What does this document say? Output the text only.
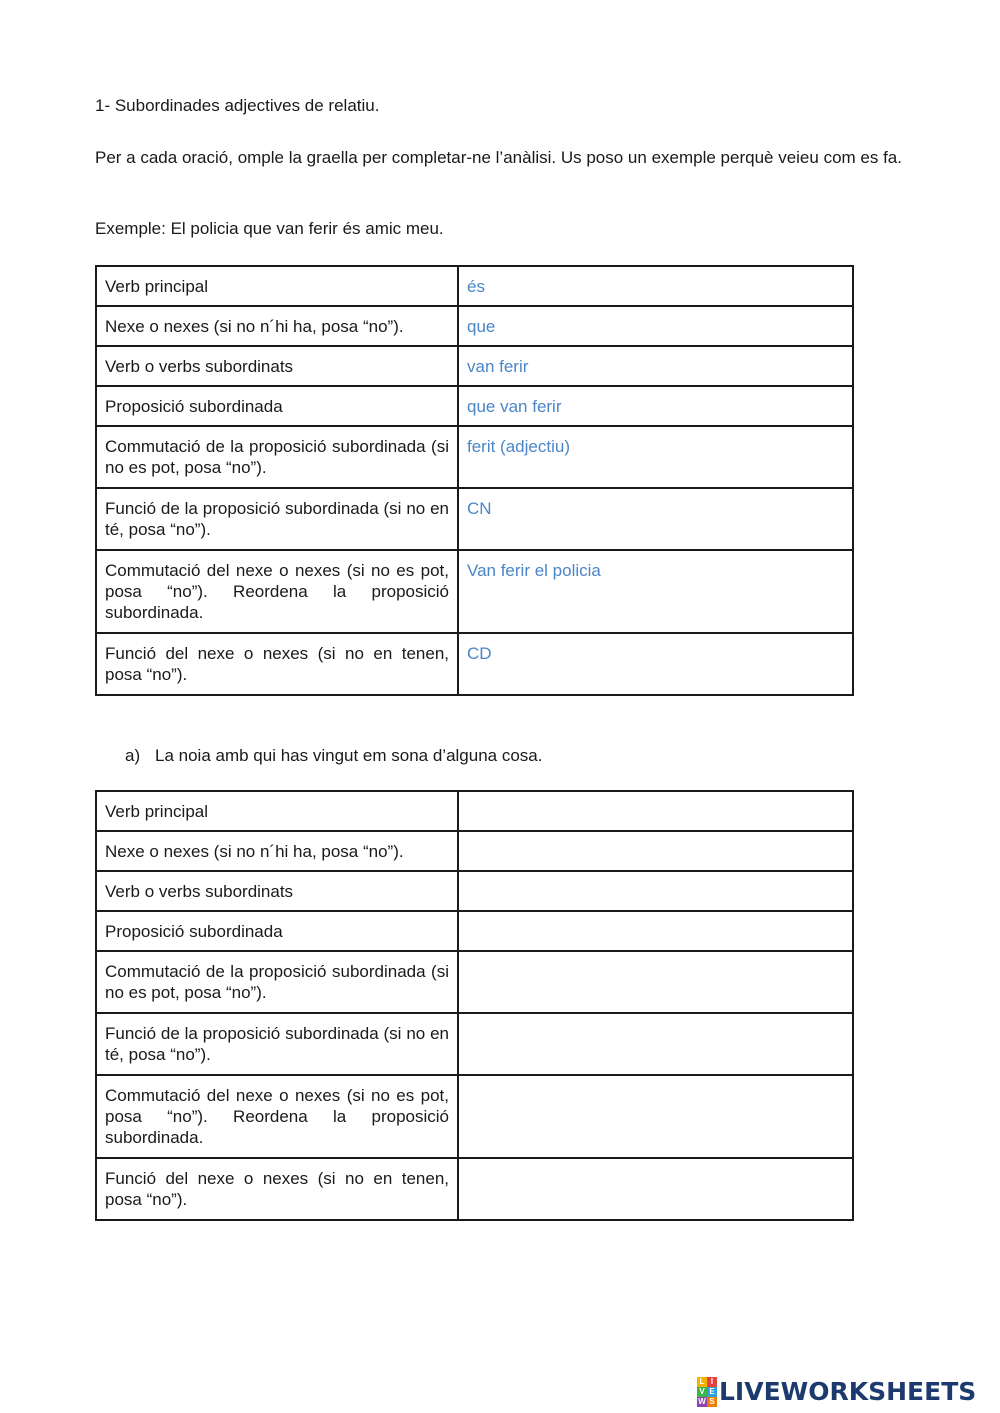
1- Subordinades adjectives de relatiu.

Per a cada oració, omple la graella per completar-ne l’anàlisi. Us poso un exemple perquè veieu com es fa.

Exemple: El policia que van ferir és amic meu.

Verb principal	és
Nexe o nexes (si no n´hi ha, posa “no”).	que
Verb o verbs subordinats	van ferir
Proposició subordinada	que van ferir
Commutació de la proposició subordinada (si no es pot, posa “no”).	ferit (adjectiu)
Funció de la proposició subordinada (si no en té, posa “no”).	CN
Commutació del nexe o nexes (si no es pot, posa “no”). Reordena la proposició subordinada.	Van ferir el policia
Funció del nexe o nexes (si no en tenen, posa “no”).	CD
a) La noia amb qui has vingut em sona d’alguna cosa.
Verb principal	
Nexe o nexes (si no n´hi ha, posa “no”).	
Verb o verbs subordinats	
Proposició subordinada	
Commutació de la proposició subordinada (si no es pot, posa “no”).	
Funció de la proposició subordinada (si no en té, posa “no”).	
Commutació del nexe o nexes (si no es pot, posa “no”). Reordena la proposició subordinada.	
Funció del nexe o nexes (si no en tenen, posa “no”).	
L I
V E
W S LIVEWORKSHEETS
